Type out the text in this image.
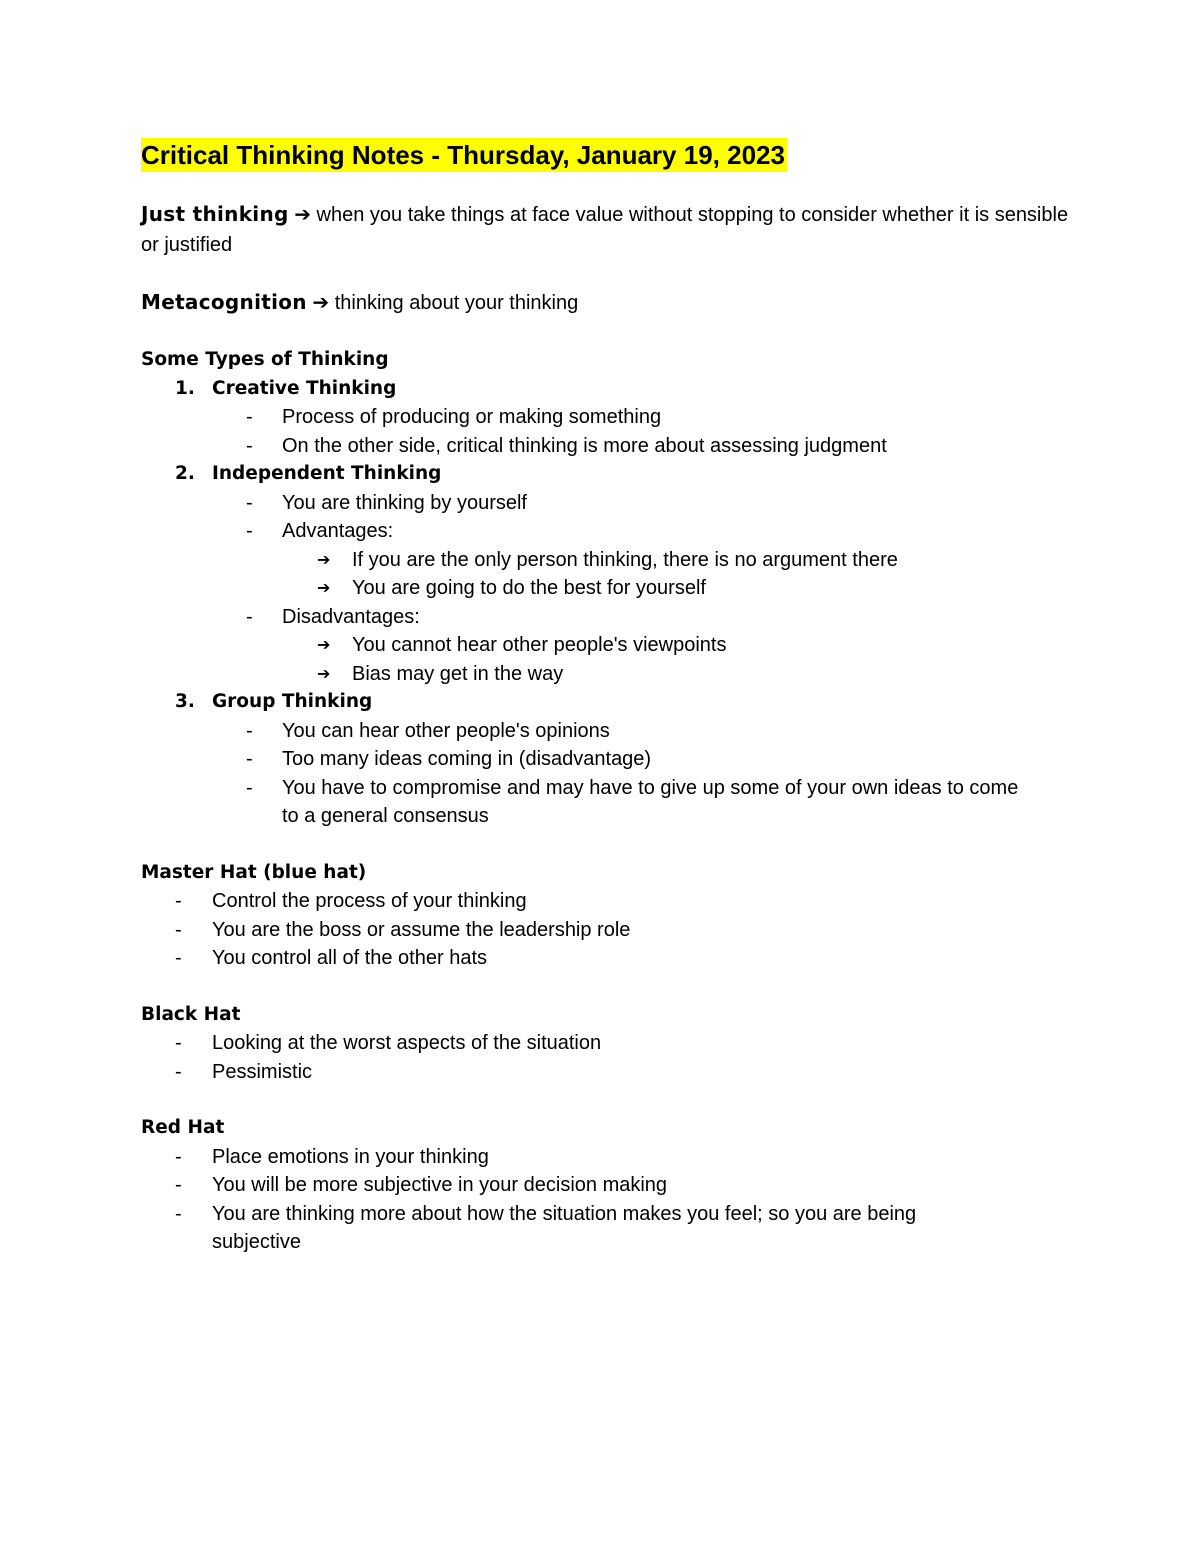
Critical Thinking Notes - Thursday, January 19, 2023

Just thinking ➔ when you take things at face value without stopping to consider whether it is sensible or justified

Metacognition ➔ thinking about your thinking

Some Types of Thinking
1. Creative Thinking
- Process of producing or making something
- On the other side, critical thinking is more about assessing judgment
2. Independent Thinking
- You are thinking by yourself
- Advantages:
➔ If you are the only person thinking, there is no argument there
➔ You are going to do the best for yourself
- Disadvantages:
➔ You cannot hear other people's viewpoints
➔ Bias may get in the way
3. Group Thinking
- You can hear other people's opinions
- Too many ideas coming in (disadvantage)
- You have to compromise and may have to give up some of your own ideas to come to a general consensus
Master Hat (blue hat)
- Control the process of your thinking
- You are the boss or assume the leadership role
- You control all of the other hats
Black Hat
- Looking at the worst aspects of the situation
- Pessimistic
Red Hat
- Place emotions in your thinking
- You will be more subjective in your decision making
- You are thinking more about how the situation makes you feel; so you are being subjective
